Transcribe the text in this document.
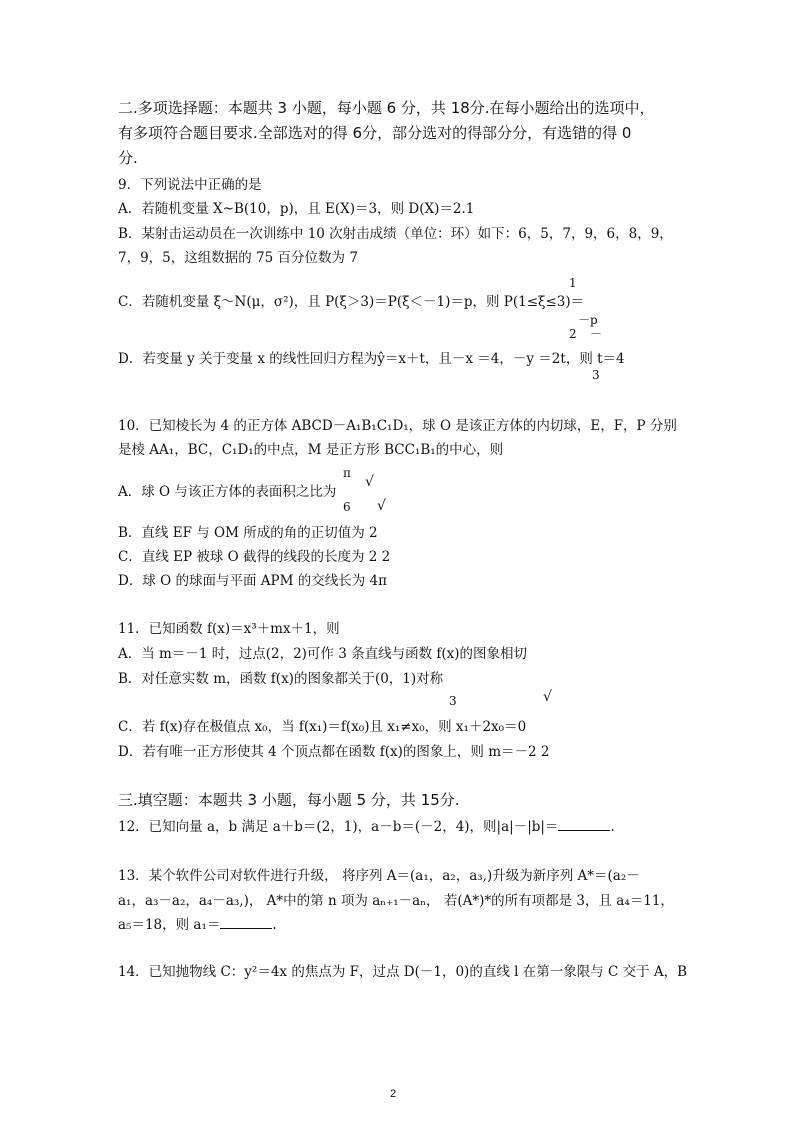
二.多项选择题：本题共 3 小题，每小题 6 分，共 18分.在每小题给出的选项中，
有多项符合题目要求.全部选对的得 6分，部分选对的得部分分，有选错的得 0
分.
9．下列说法中正确的是
A．若随机变量 X~B(10，p)，且 E(X)＝3，则 D(X)＝2.1
B．某射击运动员在一次训练中 10 次射击成绩（单位：环）如下：6，5，7，9，6，8，9，
7，9，5，这组数据的 75 百分位数为 7
1
C．若随机变量 ξ～N(μ，σ²)，且 P(ξ＞3)＝P(ξ＜－1)＝p，则 P(1≤ξ≤3)＝
－p
2 －
D．若变量 y 关于变量 x 的线性回归方程为ŷ＝x＋t，且－x ＝4，－y ＝2t，则 t＝4
3
10．已知棱长为 4 的正方体 ABCD－A₁B₁C₁D₁，球 O 是该正方体的内切球，E，F，P 分别
是棱 AA₁，BC，C₁D₁的中点，M 是正方形 BCC₁B₁的中心，则
π
√
A．球 O 与该正方体的表面积之比为
6 √
B．直线 EF 与 OM 所成的角的正切值为 2
C．直线 EP 被球 O 截得的线段的长度为 2 2
D．球 O 的球面与平面 APM 的交线长为 4π
11．已知函数 f(x)＝x³＋mx＋1，则
A．当 m＝－1 时，过点(2，2)可作 3 条直线与函数 f(x)的图象相切
B．对任意实数 m，函数 f(x)的图象都关于(0，1)对称
3	√
C．若 f(x)存在极值点 x₀，当 f(x₁)＝f(x₀)且 x₁≠x₀，则 x₁＋2x₀＝0
D．若有唯一正方形使其 4 个顶点都在函数 f(x)的图象上，则 m＝－2 2
三.填空题：本题共 3 小题，每小题 5 分，共 15分.
12．已知向量 a，b 满足 a＋b＝(2，1)，a－b＝(－2，4)，则|a|－|b|＝	.
13．某个软件公司对软件进行升级， 将序列 A＝(a₁，a₂，a₃,)升级为新序列 A*＝(a₂－
a₁，a₃－a₂，a₄－a₃,)， A*中的第 n 项为 aₙ₊₁－aₙ， 若(A*)*的所有项都是 3，且 a₄＝11，
a₅＝18，则 a₁＝	.
14．已知抛物线 C：y²＝4x 的焦点为 F，过点 D(－1，0)的直线 l 在第一象限与 C 交于 A，B
2
